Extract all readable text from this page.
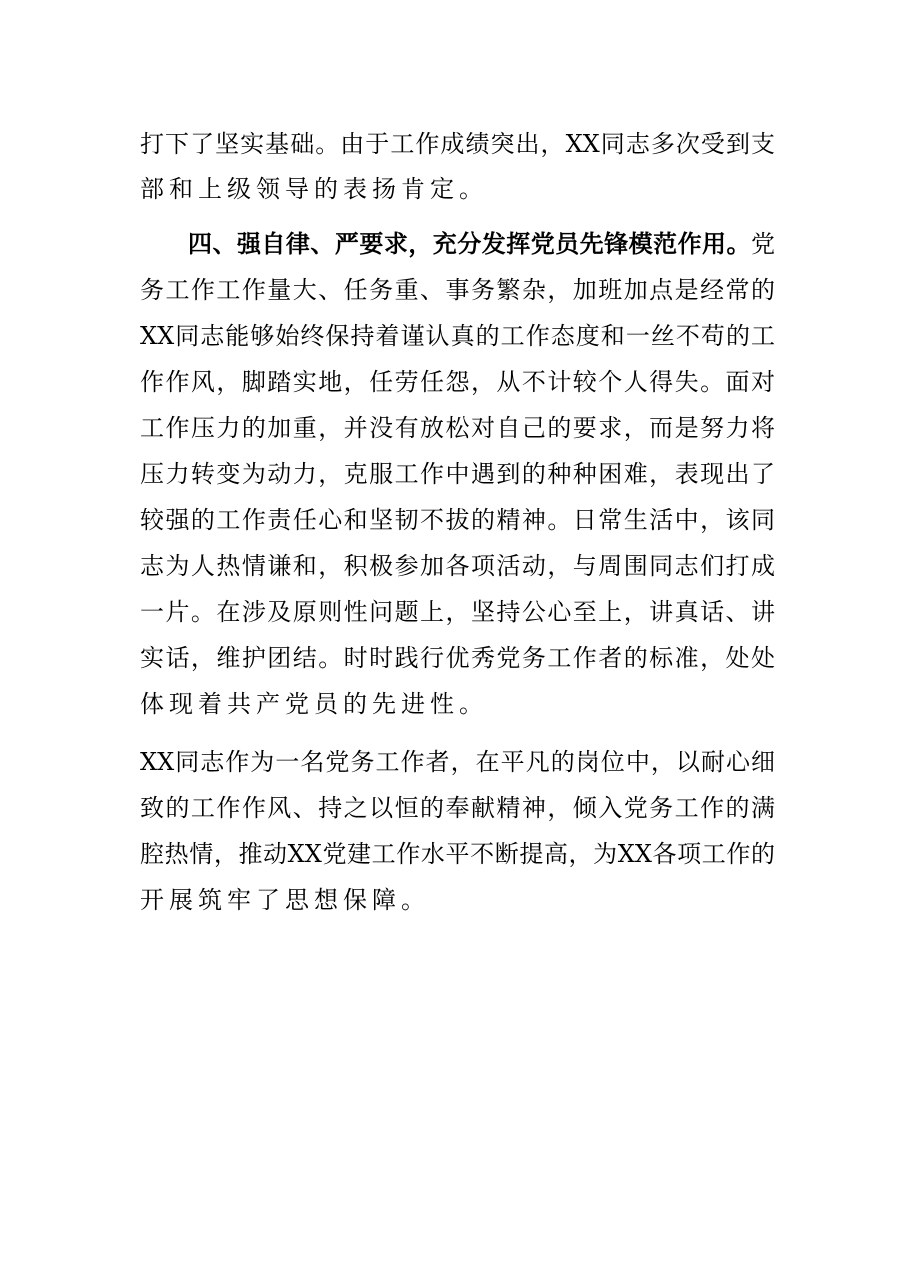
打下了坚实基础。由于工作成绩突出，XX同志多次受到支
部和上级领导的表扬肯定。
四、强自律、严要求，充分发挥党员先锋模范作用。党
务工作工作量大、任务重、事务繁杂，加班加点是经常的
XX同志能够始终保持着谨认真的工作态度和一丝不苟的工
作作风，脚踏实地，任劳任怨，从不计较个人得失。面对
工作压力的加重，并没有放松对自己的要求，而是努力将
压力转变为动力，克服工作中遇到的种种困难，表现出了
较强的工作责任心和坚韧不拔的精神。日常生活中，该同
志为人热情谦和，积极参加各项活动，与周围同志们打成
一片。在涉及原则性问题上，坚持公心至上，讲真话、讲
实话，维护团结。时时践行优秀党务工作者的标准，处处
体现着共产党员的先进性。
XX同志作为一名党务工作者，在平凡的岗位中，以耐心细
致的工作作风、持之以恒的奉献精神，倾入党务工作的满
腔热情，推动XX党建工作水平不断提高，为XX各项工作的
开展筑牢了思想保障。
